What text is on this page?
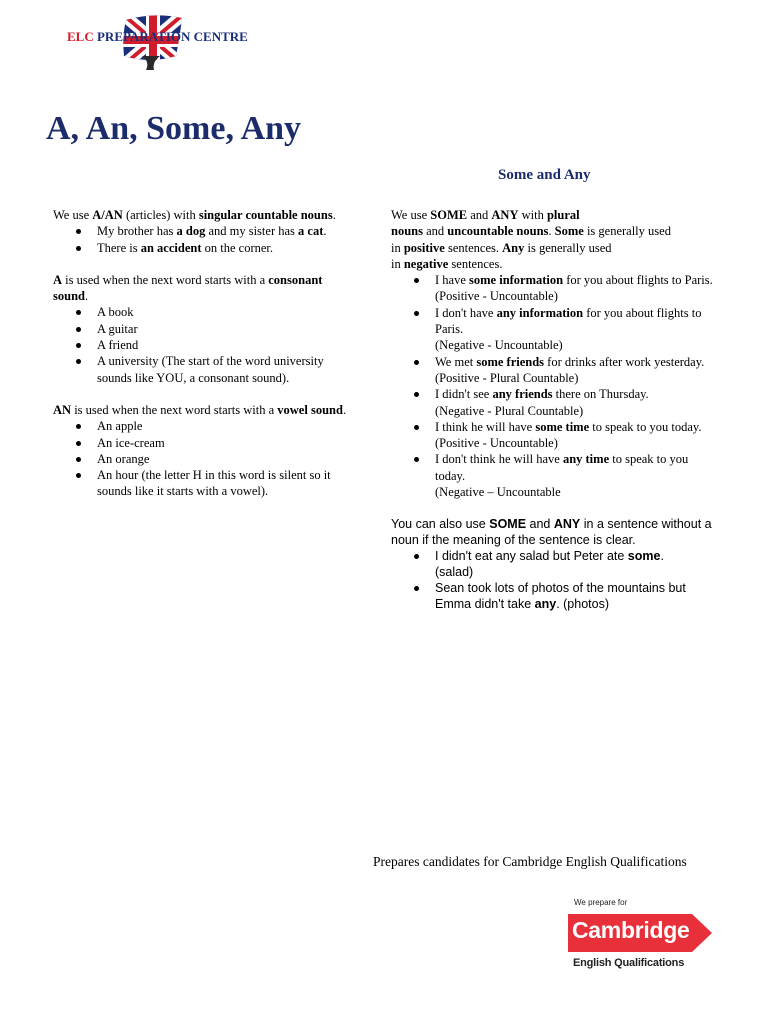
ELC PREPARATION CENTRE
A, An, Some, Any
Some and Any

We use A/AN (articles) with singular countable nouns.

My brother has a dog and my sister has a cat.
There is an accident on the corner.

A is used when the next word starts with a consonant sound.

A book
A guitar
A friend
A university (The start of the word university sounds like YOU, a consonant sound).

AN is used when the next word starts with a vowel sound.

An apple
An ice-cream
An orange
An hour (the letter H in this word is silent so it sounds like it starts with a vowel).

We use SOME and ANY with plural
nouns and uncountable nouns. Some is generally used
in positive sentences. Any is generally used
in negative sentences.

I have some information for you about flights to Paris.
(Positive - Uncountable)
I don't have any information for you about flights to Paris.
(Negative - Uncountable)
We met some friends for drinks after work yesterday.
(Positive - Plural Countable)
I didn't see any friends there on Thursday.
(Negative - Plural Countable)
I think he will have some time to speak to you today.
(Positive - Uncountable)
I don't think he will have any time to speak to you today.
(Negative – Uncountable

You can also use SOME and ANY in a sentence without a noun if the meaning of the sentence is clear.

I didn't eat any salad but Peter ate some.
(salad)
Sean took lots of photos of the mountains but Emma didn't take any. (photos)
Prepares candidates for Cambridge English Qualifications
We prepare for
Cambridge
English Qualifications
